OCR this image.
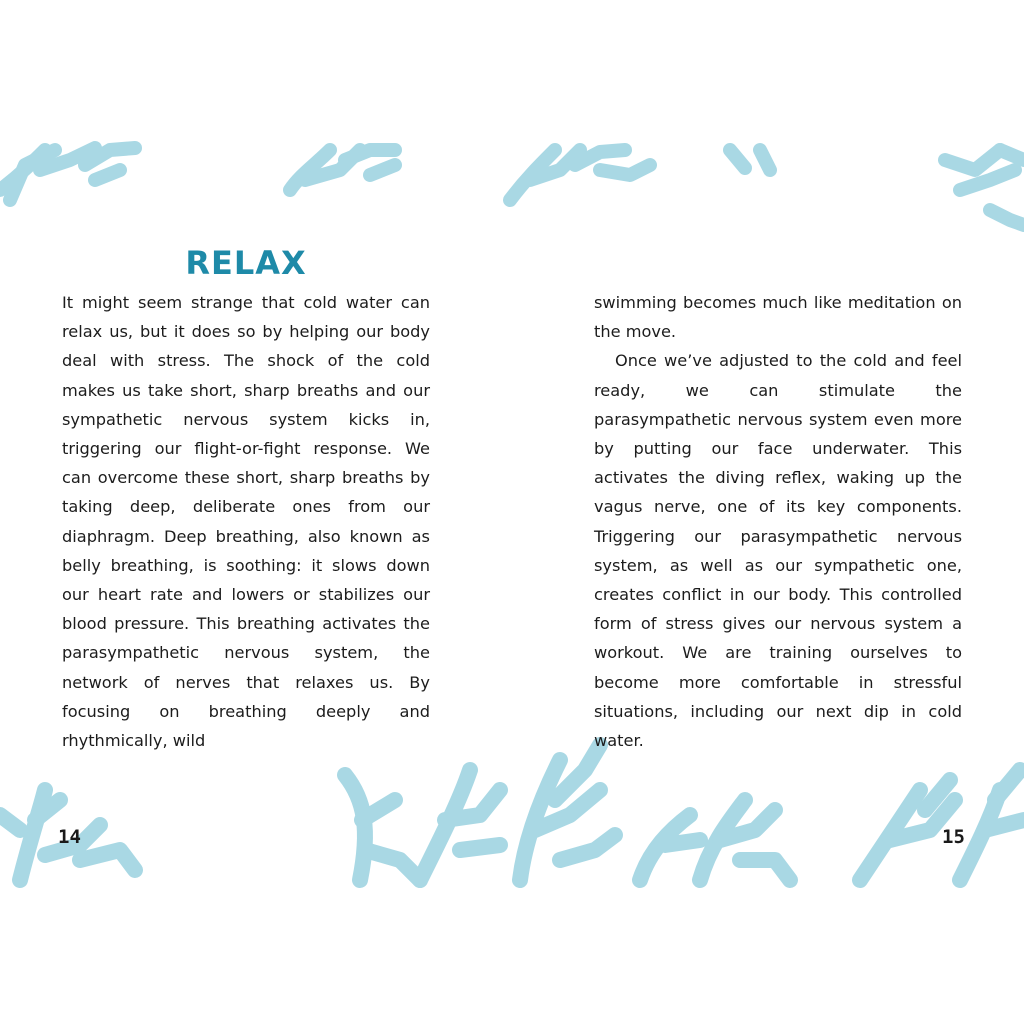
RELAX

It might seem strange that cold water can relax us, but it does so by helping our body deal with stress. The shock of the cold makes us take short, sharp breaths and our sympathetic nervous system kicks in, triggering our flight-or-fight response. We can overcome these short, sharp breaths by taking deep, deliberate ones from our diaphragm. Deep breathing, also known as belly breathing, is soothing: it slows down our heart rate and lowers or stabilizes our blood pressure. This breathing activates the parasympathetic nervous system, the network of nerves that relaxes us. By focusing on breathing deeply and rhythmically, wild

14

swimming becomes much like meditation on the move.

Once we’ve adjusted to the cold and feel ready, we can stimulate the parasympathetic nervous system even more by putting our face underwater. This activates the diving reflex, waking up the vagus nerve, one of its key components. Triggering our parasympathetic nervous system, as well as our sympathetic one, creates conflict in our body. This controlled form of stress gives our nervous system a workout. We are training ourselves to become more comfortable in stressful situations, including our next dip in cold water.

15
